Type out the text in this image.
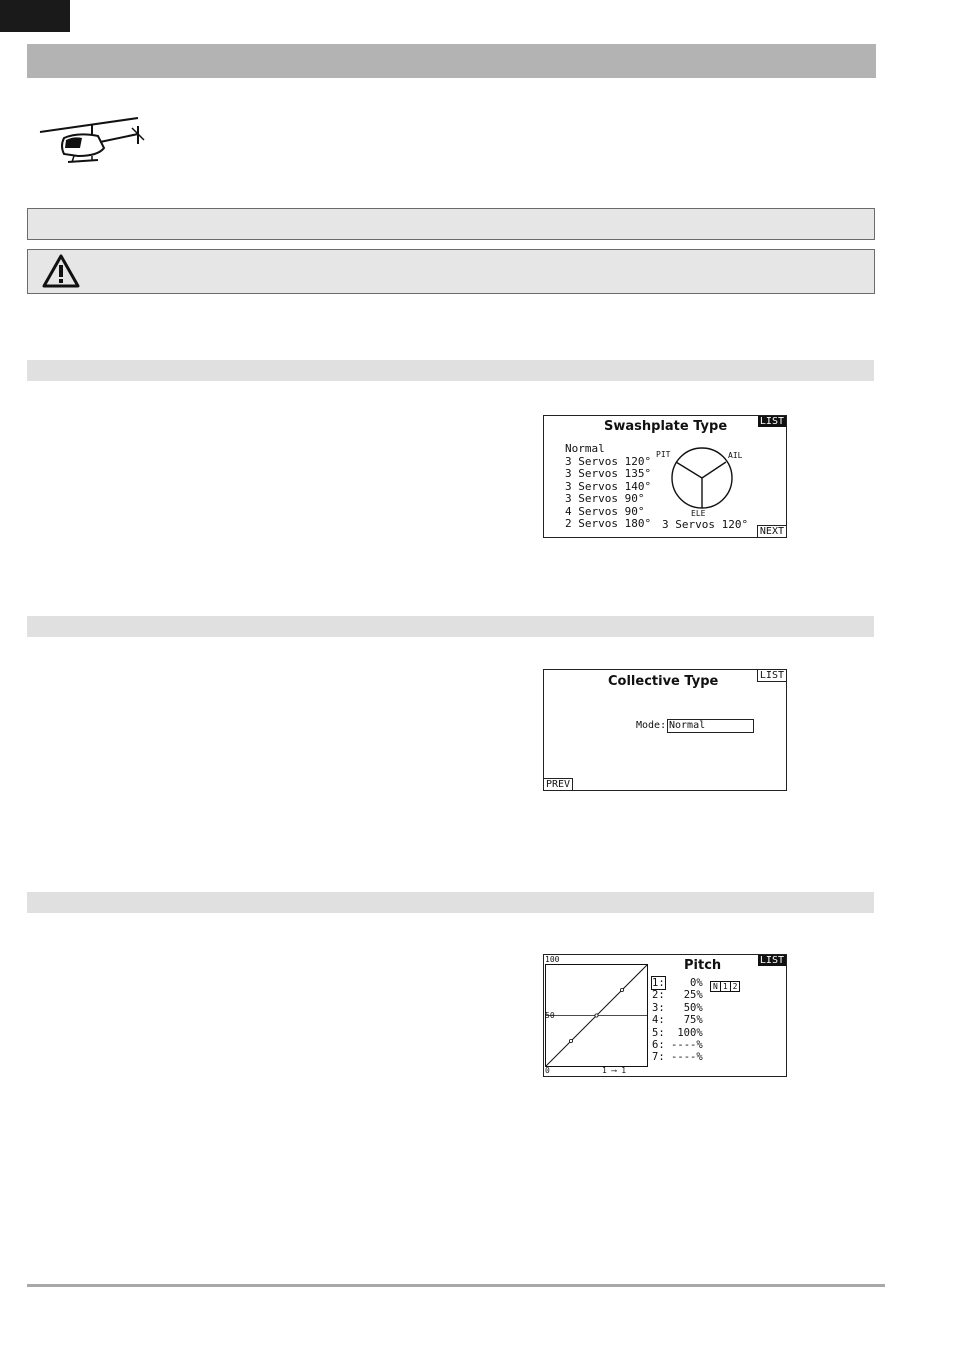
LIST
Swashplate Type
Normal
3 Servos 120°
3 Servos 135°
3 Servos 140°
3 Servos 90°
4 Servos 90°
2 Servos 180°
PIT	AIL
ELE
3 Servos 120°
NEXT
LIST
Collective Type
Mode: Normal
PREV
LIST
Pitch
100
50
0	1 ⟶ 1
1: 0%
2: 25%
3: 50%
4: 75%
5: 100%
6: ----%
7: ----%
N 1 2
